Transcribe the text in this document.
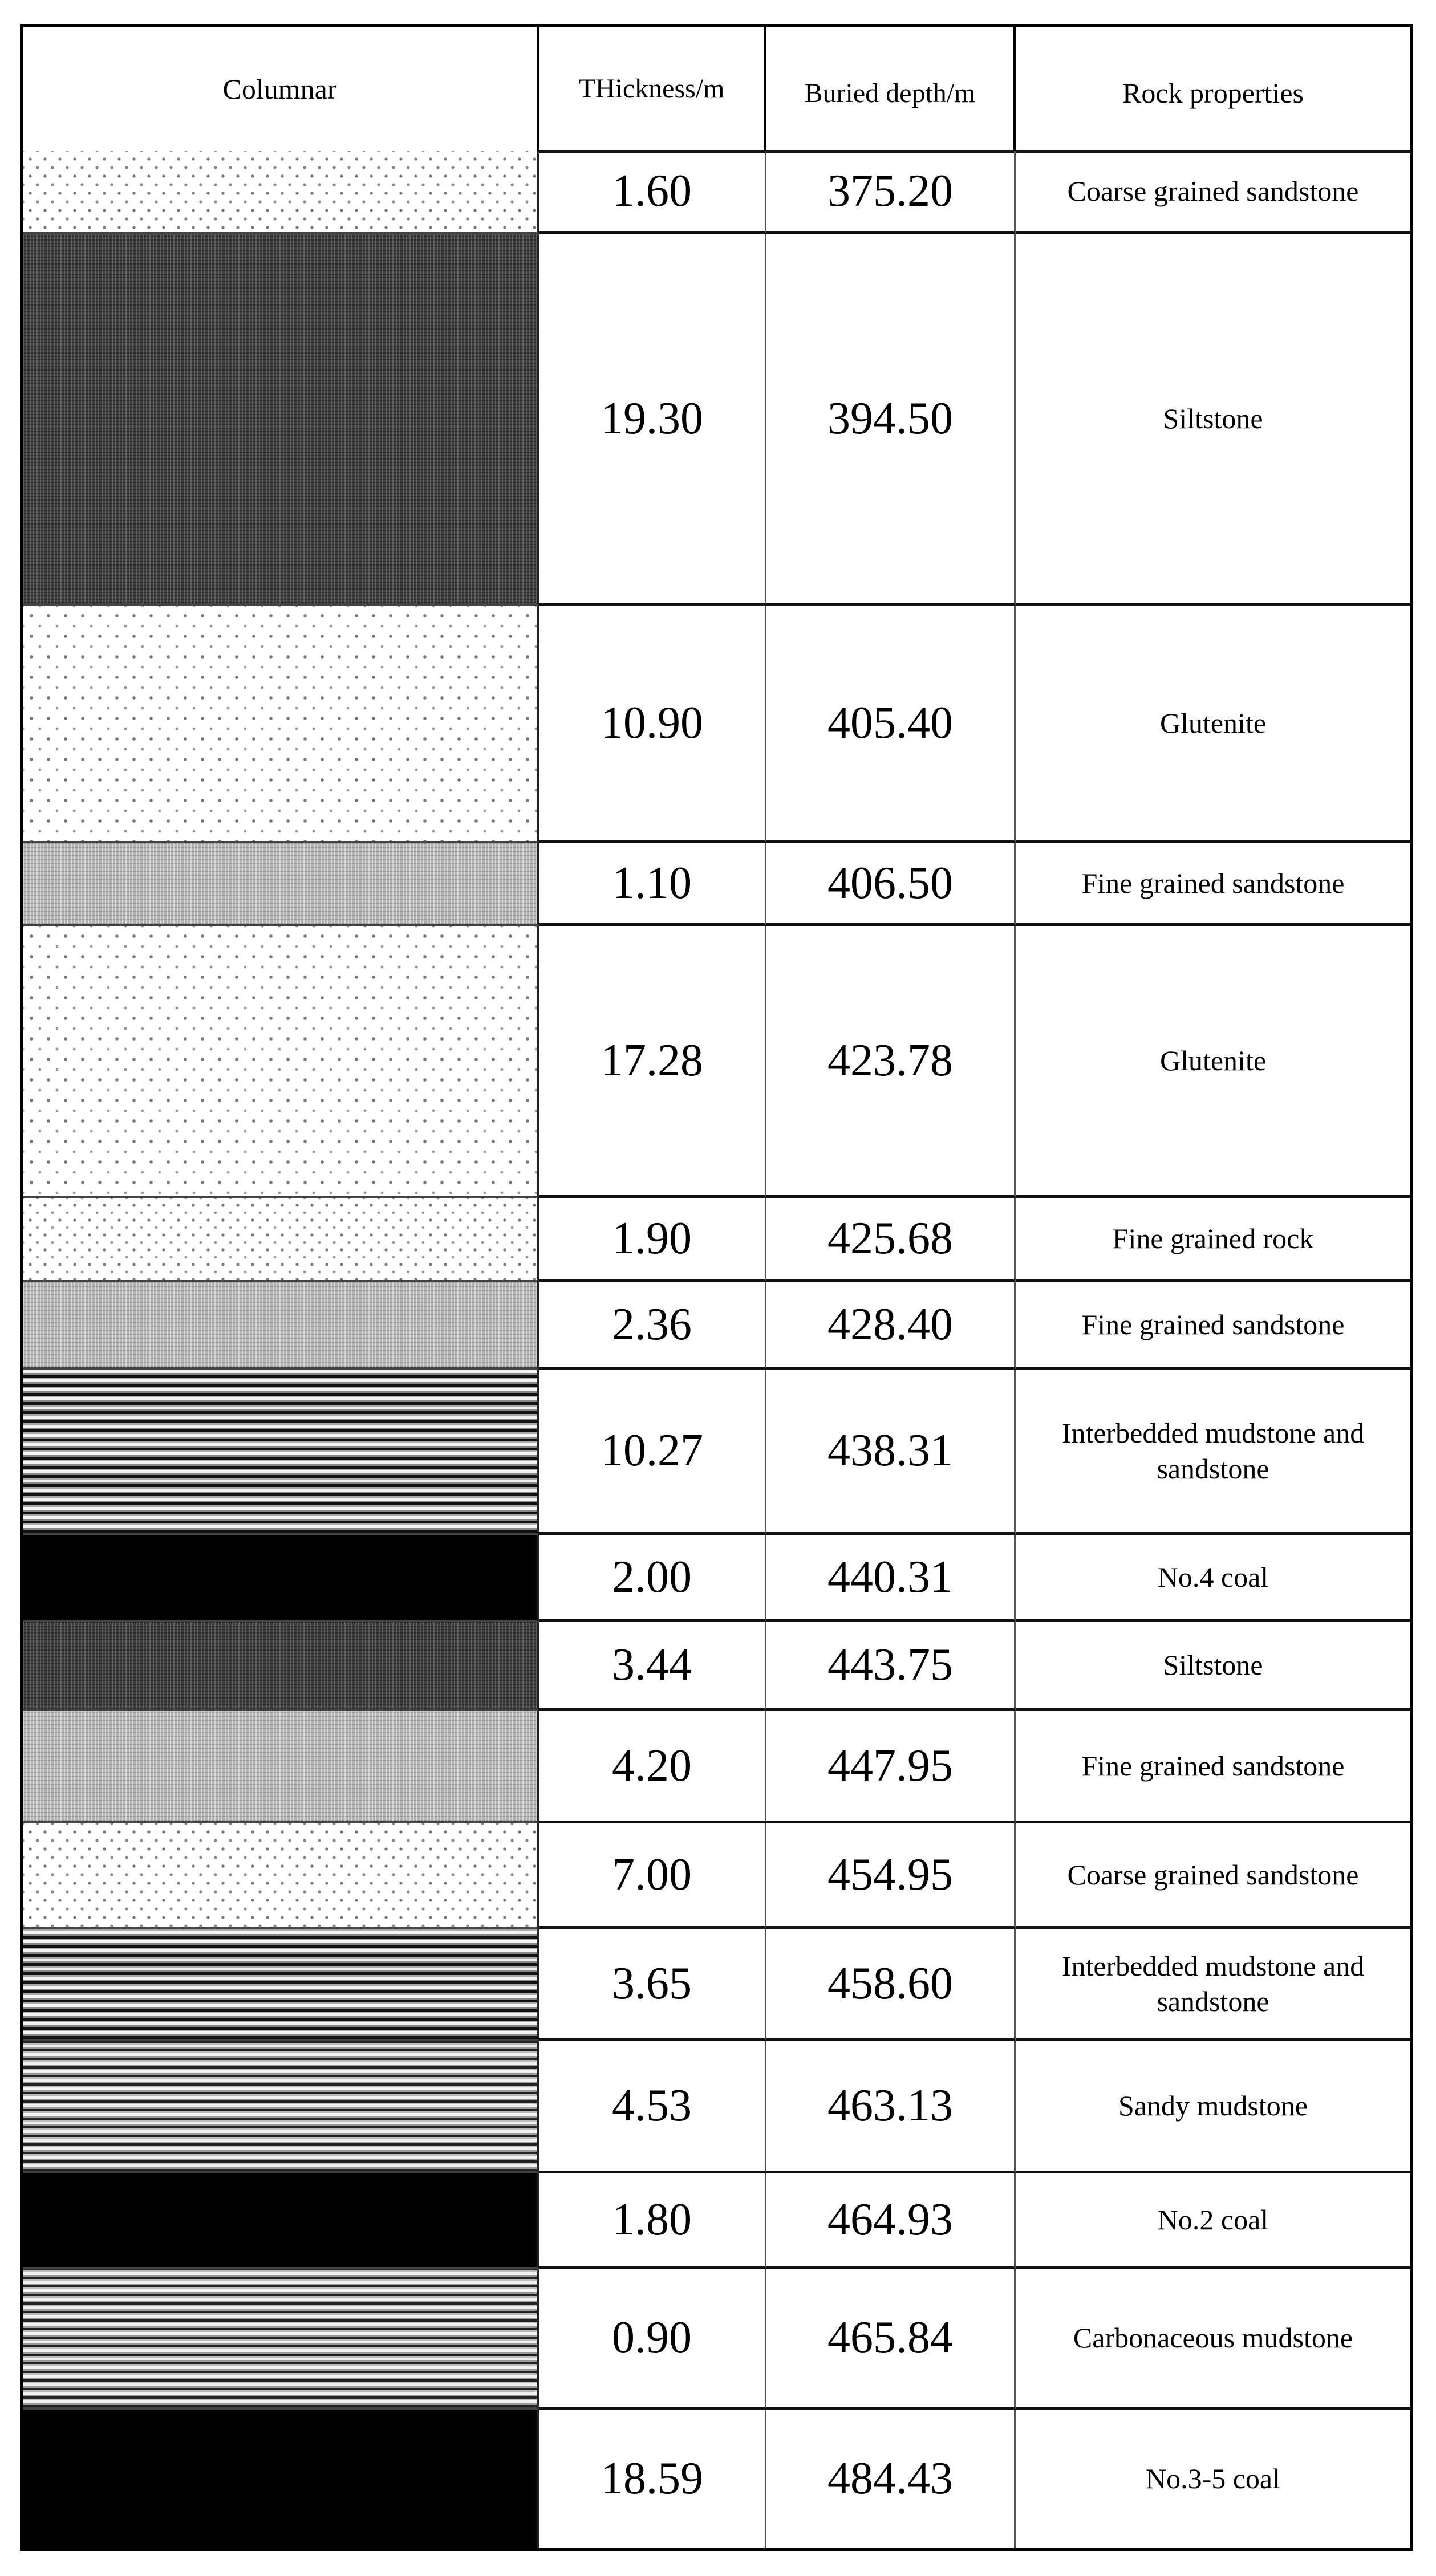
Columnar	THickness/m	Buried depth/m	Rock properties
1.60	375.20	Coarse grained sandstone
19.30	394.50	Siltstone
10.90	405.40	Glutenite
1.10	406.50	Fine grained sandstone
17.28	423.78	Glutenite
1.90	425.68	Fine grained rock
2.36	428.40	Fine grained sandstone
10.27	438.31	Interbedded mudstone and sandstone
2.00	440.31	No.4 coal
3.44	443.75	Siltstone
4.20	447.95	Fine grained sandstone
7.00	454.95	Coarse grained sandstone
3.65	458.60	Interbedded mudstone and sandstone
4.53	463.13	Sandy mudstone
1.80	464.93	No.2 coal
0.90	465.84	Carbonaceous mudstone
18.59	484.43	No.3-5 coal
